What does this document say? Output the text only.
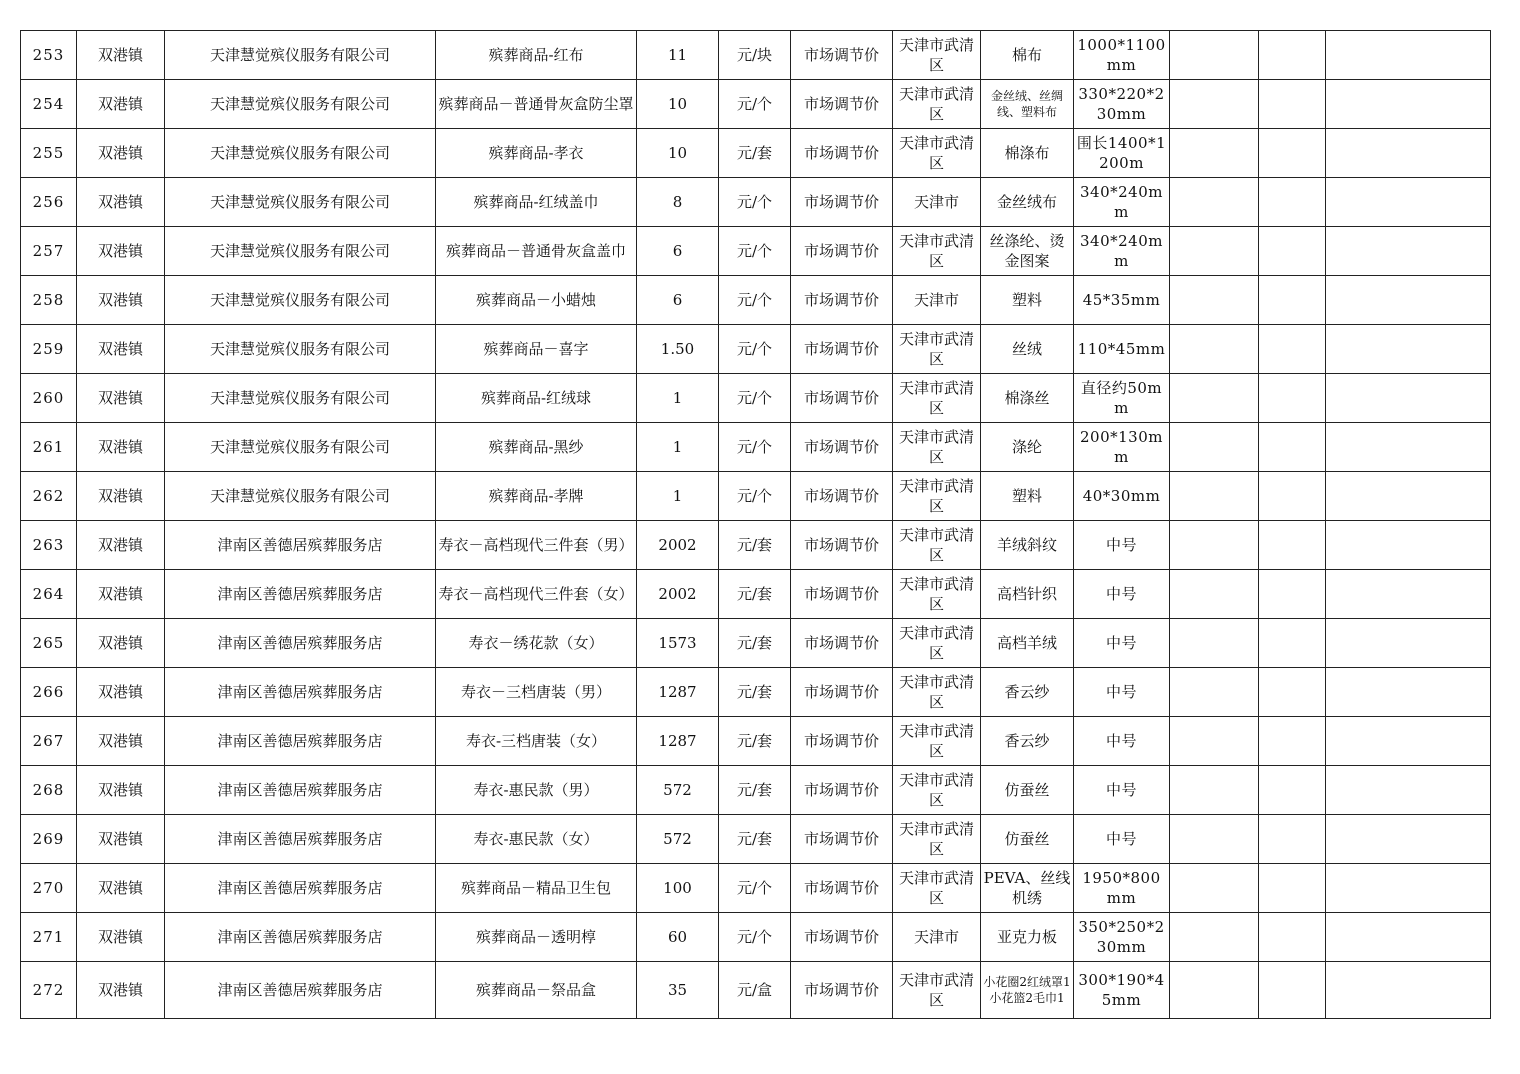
253	双港镇	天津慧觉殡仪服务有限公司	殡葬商品-红布	11	元/块	市场调节价	天津市武清区	棉布	1000*1100mm			
254	双港镇	天津慧觉殡仪服务有限公司	殡葬商品－普通骨灰盒防尘罩	10	元/个	市场调节价	天津市武清区	金丝绒、丝绸线、塑料布	330*220*230mm			
255	双港镇	天津慧觉殡仪服务有限公司	殡葬商品-孝衣	10	元/套	市场调节价	天津市武清区	棉涤布	围长1400*1200m			
256	双港镇	天津慧觉殡仪服务有限公司	殡葬商品-红绒盖巾	8	元/个	市场调节价	天津市	金丝绒布	340*240mm			
257	双港镇	天津慧觉殡仪服务有限公司	殡葬商品－普通骨灰盒盖巾	6	元/个	市场调节价	天津市武清区	丝涤纶、烫金图案	340*240mm			
258	双港镇	天津慧觉殡仪服务有限公司	殡葬商品－小蜡烛	6	元/个	市场调节价	天津市	塑料	45*35mm			
259	双港镇	天津慧觉殡仪服务有限公司	殡葬商品－喜字	1.50	元/个	市场调节价	天津市武清区	丝绒	110*45mm			
260	双港镇	天津慧觉殡仪服务有限公司	殡葬商品-红绒球	1	元/个	市场调节价	天津市武清区	棉涤丝	直径约50mm			
261	双港镇	天津慧觉殡仪服务有限公司	殡葬商品-黑纱	1	元/个	市场调节价	天津市武清区	涤纶	200*130mm			
262	双港镇	天津慧觉殡仪服务有限公司	殡葬商品-孝牌	1	元/个	市场调节价	天津市武清区	塑料	40*30mm			
263	双港镇	津南区善德居殡葬服务店	寿衣－高档现代三件套（男）	2002	元/套	市场调节价	天津市武清区	羊绒斜纹	中号			
264	双港镇	津南区善德居殡葬服务店	寿衣－高档现代三件套（女）	2002	元/套	市场调节价	天津市武清区	高档针织	中号			
265	双港镇	津南区善德居殡葬服务店	寿衣－绣花款（女）	1573	元/套	市场调节价	天津市武清区	高档羊绒	中号			
266	双港镇	津南区善德居殡葬服务店	寿衣－三档唐装（男）	1287	元/套	市场调节价	天津市武清区	香云纱	中号			
267	双港镇	津南区善德居殡葬服务店	寿衣-三档唐装（女）	1287	元/套	市场调节价	天津市武清区	香云纱	中号			
268	双港镇	津南区善德居殡葬服务店	寿衣-惠民款（男）	572	元/套	市场调节价	天津市武清区	仿蚕丝	中号			
269	双港镇	津南区善德居殡葬服务店	寿衣-惠民款（女）	572	元/套	市场调节价	天津市武清区	仿蚕丝	中号			
270	双港镇	津南区善德居殡葬服务店	殡葬商品－精品卫生包	100	元/个	市场调节价	天津市武清区	PEVA、丝线机绣	1950*800mm			
271	双港镇	津南区善德居殡葬服务店	殡葬商品－透明椁	60	元/个	市场调节价	天津市	亚克力板	350*250*230mm			
272	双港镇	津南区善德居殡葬服务店	殡葬商品－祭品盒	35	元/盒	市场调节价	天津市武清区	小花圈2红绒罩1小花篮2毛巾1	300*190*45mm			
